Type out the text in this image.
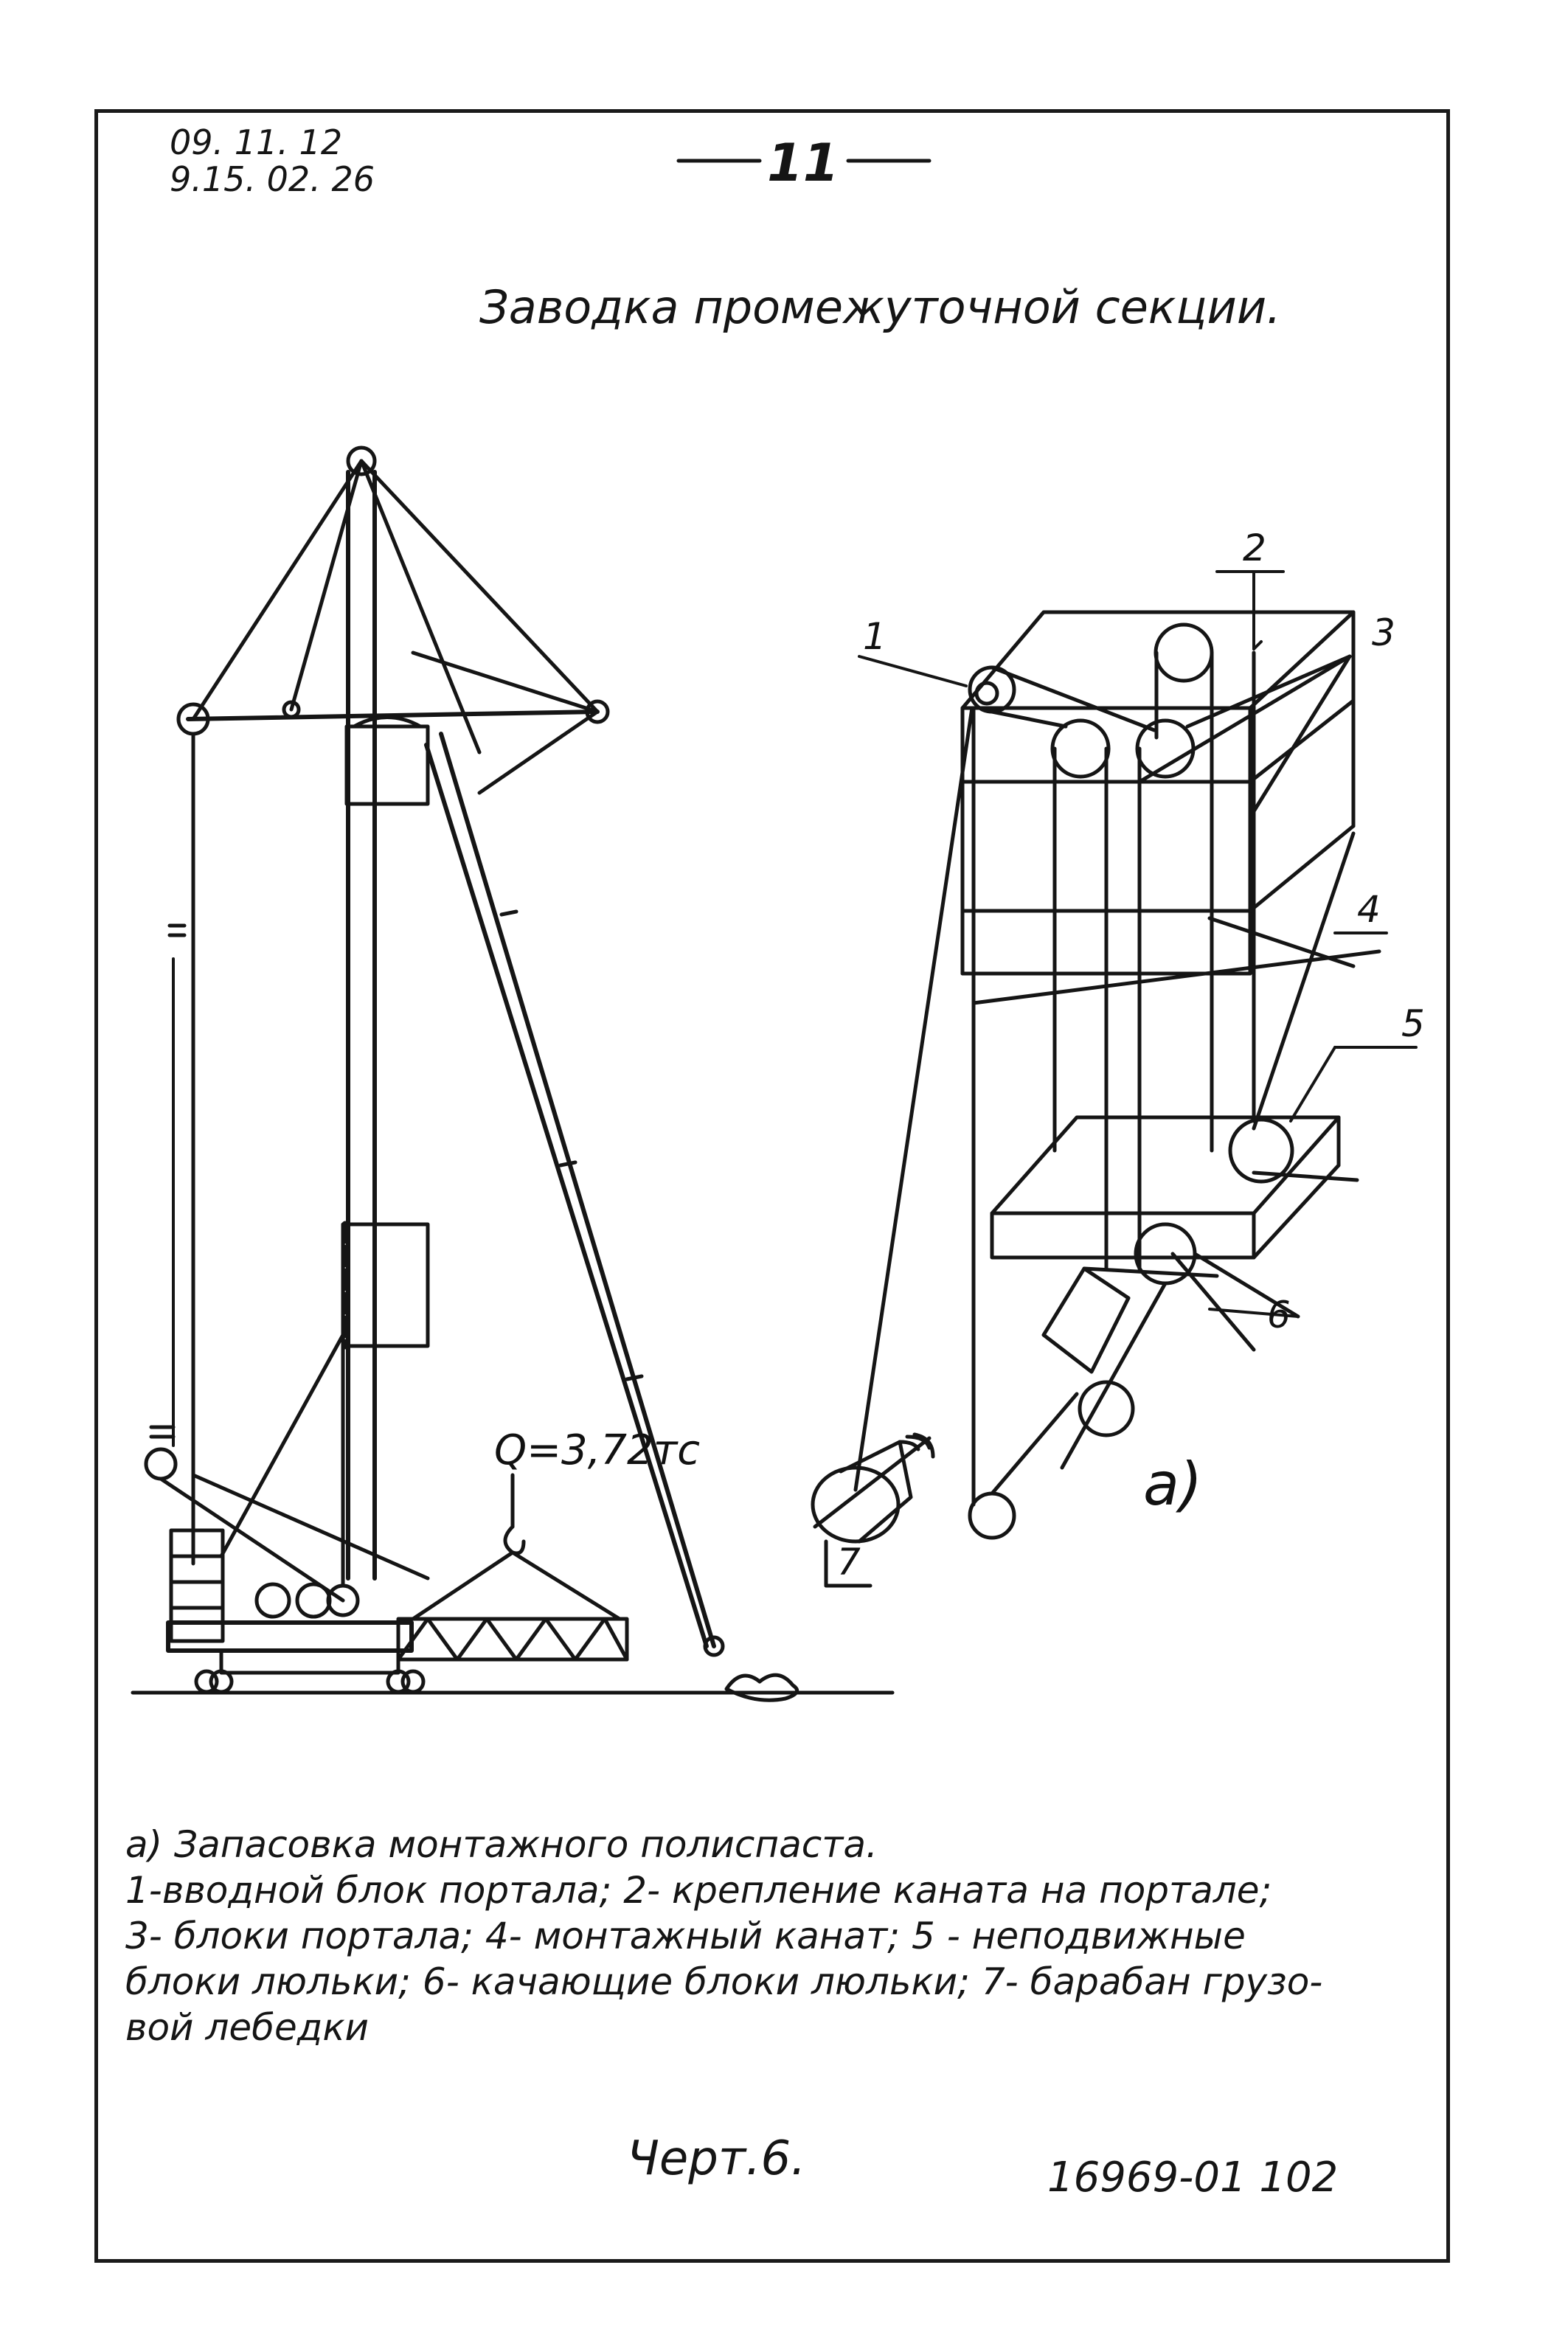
09. 11. 12
9.15. 02. 26	11
Заводка промежуточной секции.
Q=3,72тс
1
2
3
4
5
6
7
а)
а) Запасовка монтажного полиспаста.
1-вводной блок портала; 2- крепление каната на портале;
3- блоки портала; 4- монтажный канат; 5 - неподвижные
блоки люльки; 6- качающие блоки люльки; 7- барабан грузо-
вой лебедки
Черт.6.	16969-01 102
